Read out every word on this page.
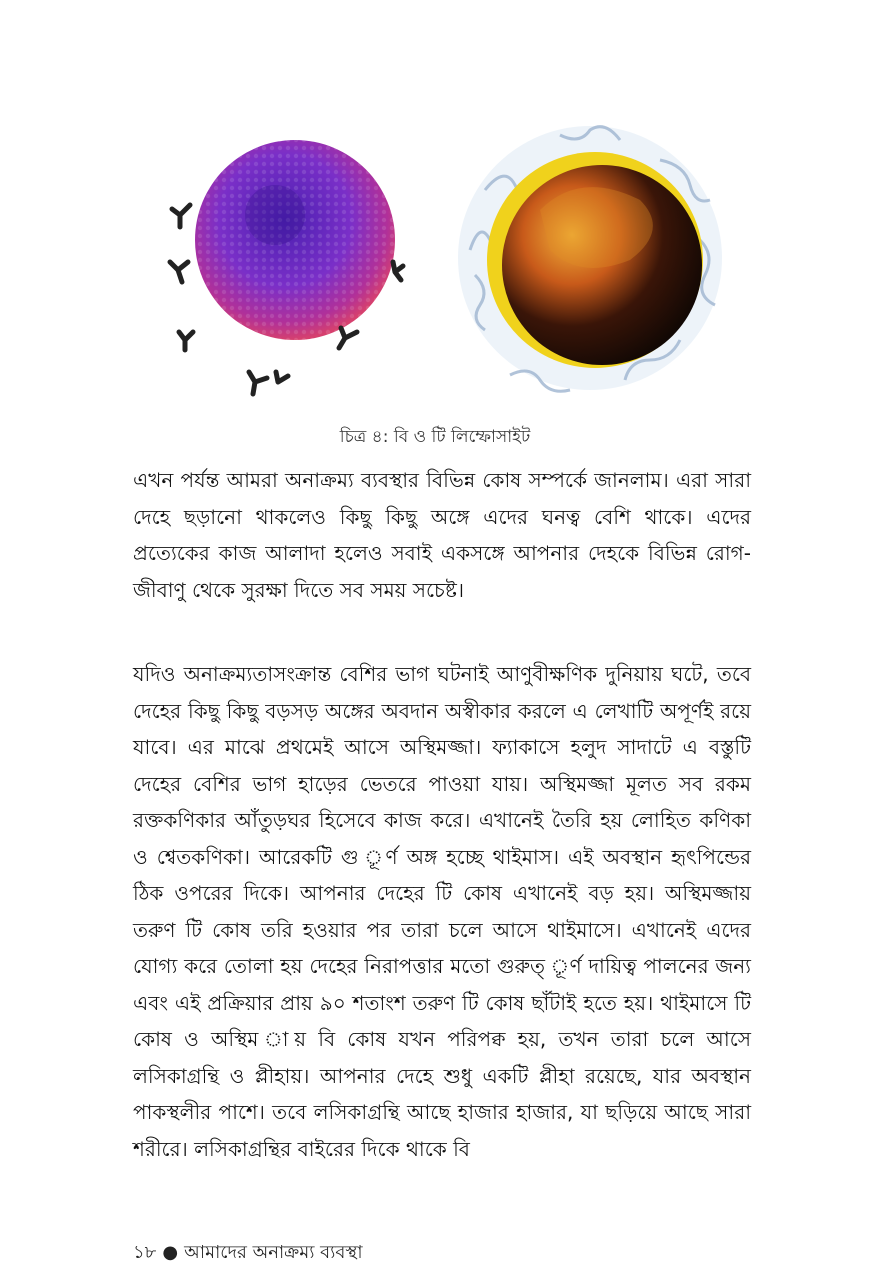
চিত্র ৪: বি ও টি লিম্ফোসাইট

এখন পর্যন্ত আমরা অনাক্রম্য ব্যবস্থার বিভিন্ন কোষ সম্পর্কে জানলাম। এরা সারা দেহে ছড়ানো থাকলেও কিছু কিছু অঙ্গে এদের ঘনত্ব বেশি থাকে। এদের প্রত্যেকের কাজ আলাদা হলেও সবাই একসঙ্গে আপনার দেহকে বিভিন্ন রোগ-জীবাণু থেকে সুরক্ষা দিতে সব সময় সচেষ্ট।

যদিও অনাক্রম্যতাসংক্রান্ত বেশির ভাগ ঘটনাই আণুবীক্ষণিক দুনিয়ায় ঘটে, তবে দেহের কিছু কিছু বড়সড় অঙ্গের অবদান অস্বীকার করলে এ লেখাটি অপূর্ণই রয়ে যাবে। এর মাঝে প্রথমেই আসে অস্থিমজ্জা। ফ্যাকাসে হলুদ সাদাটে এ বস্তুটি দেহের বেশির ভাগ হাড়ের ভেতরে পাওয়া যায়। অস্থিমজ্জা মূলত সব রকম রক্তকণিকার আঁতুড়ঘর হিসেবে কাজ করে। এখানেই তৈরি হয় লোহিত কণিকা ও শ্বেতকণিকা। আরেকটি গু ূর্ণ অঙ্গ হচ্ছে থাইমাস। এই অবস্থান হৃৎপিন্ডের ঠিক ওপরের দিকে। আপনার দেহের টি কোষ এখানেই বড় হয়। অস্থিমজ্জায় তরুণ টি কোষ তরি হওয়ার পর তারা চলে আসে থাইমাসে। এখানেই এদের যোগ্য করে তোলা হয় দেহের নিরাপত্তার মতো গুরুত্ ূর্ণ দায়িত্ব পালনের জন্য এবং এই প্রক্রিয়ার প্রায় ৯০ শতাংশ তরুণ টি কোষ ছাঁটাই হতে হয়। থাইমাসে টি কোষ ও অস্থিম ায় বি কোষ যখন পরিপক্ব হয়, তখন তারা চলে আসে লসিকাগ্রন্থি ও প্লীহায়। আপনার দেহে শুধু একটি প্লীহা রয়েছে, যার অবস্থান পাকস্থলীর পাশে। তবে লসিকাগ্রন্থি আছে হাজার হাজার, যা ছড়িয়ে আছে সারা শরীরে। লসিকাগ্রন্থির বাইরের দিকে থাকে বি

১৮ ● আমাদের অনাক্রম্য ব্যবস্থা
